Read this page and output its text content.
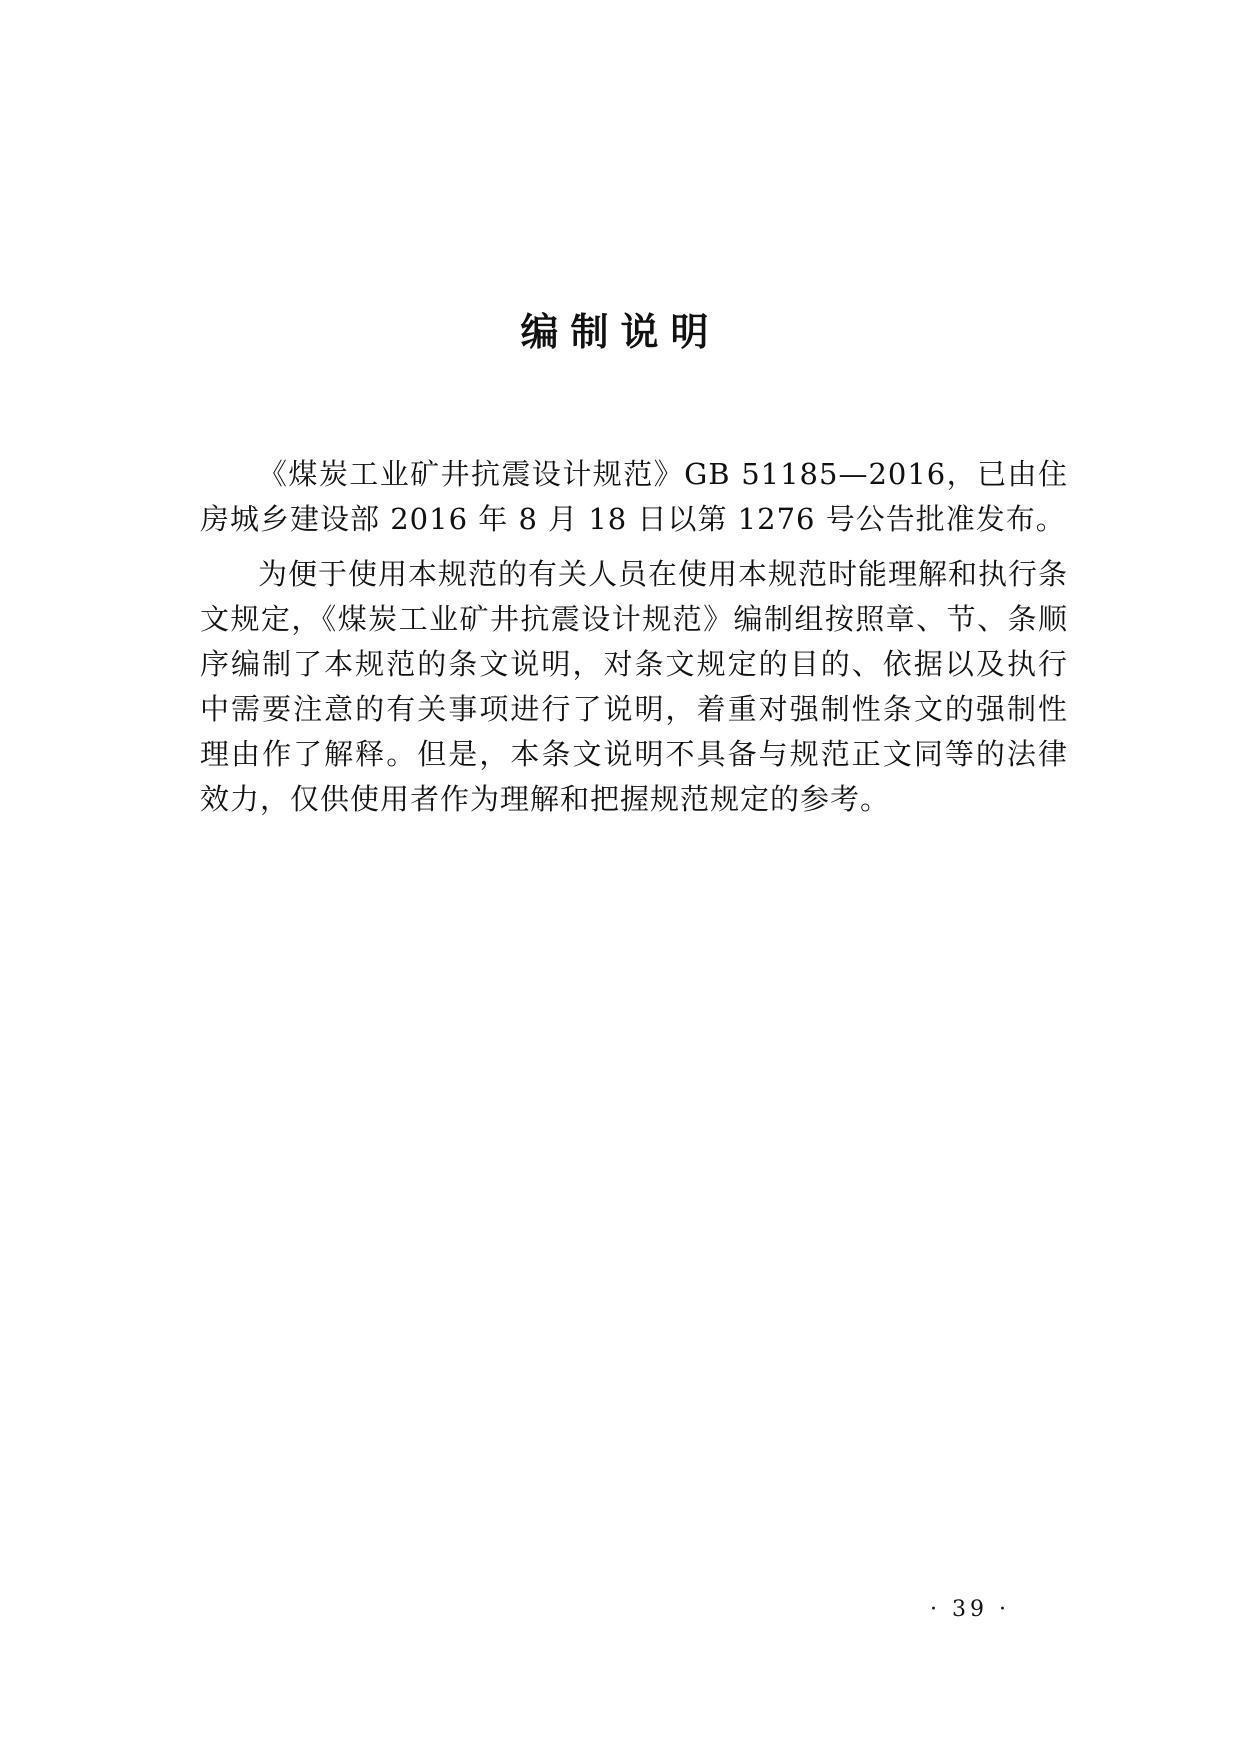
编制说明

《煤炭工业矿井抗震设计规范》GB 51185—2016，已由住房城乡建设部 2016 年 8 月 18 日以第 1276 号公告批准发布。

为便于使用本规范的有关人员在使用本规范时能理解和执行条文规定，《煤炭工业矿井抗震设计规范》编制组按照章、节、条顺序编制了本规范的条文说明，对条文规定的目的、依据以及执行中需要注意的有关事项进行了说明，着重对强制性条文的强制性理由作了解释。但是，本条文说明不具备与规范正文同等的法律效力，仅供使用者作为理解和把握规范规定的参考。

· 39 ·
